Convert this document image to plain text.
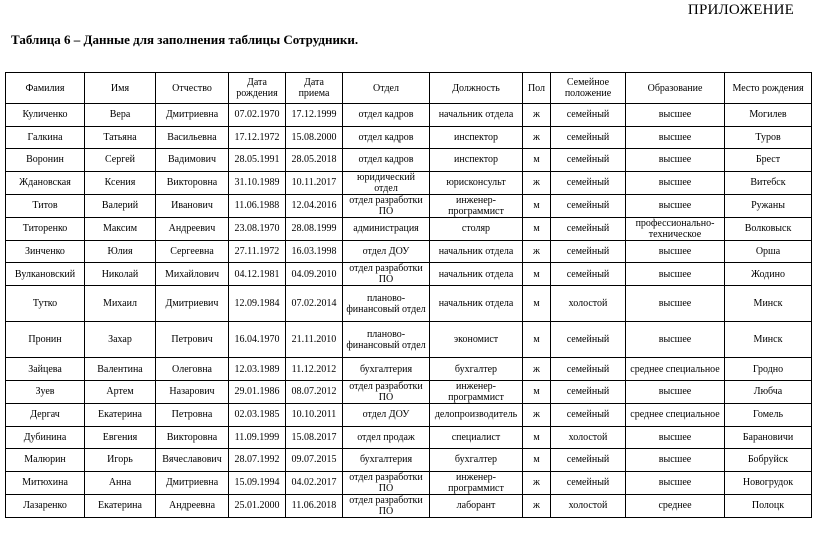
ПРИЛОЖЕНИЕ
Таблица 6 – Данные для заполнения таблицы Сотрудники.
Фамилия	Имя	Отчество	Дата рождения	Дата приема	Отдел	Должность	Пол	Семейное положение	Образование	Место рождения
Куличенко	Вера	Дмитриевна	07.02.1970	17.12.1999	отдел кадров	начальник отдела	ж	семейный	высшее	Могилев
Галкина	Татьяна	Васильевна	17.12.1972	15.08.2000	отдел кадров	инспектор	ж	семейный	высшее	Туров
Воронин	Сергей	Вадимович	28.05.1991	28.05.2018	отдел кадров	инспектор	м	семейный	высшее	Брест
Ждановская	Ксения	Викторовна	31.10.1989	10.11.2017	юридический отдел	юрисконсульт	ж	семейный	высшее	Витебск
Титов	Валерий	Иванович	11.06.1988	12.04.2016	отдел разработки ПО	инженер-программист	м	семейный	высшее	Ружаны
Титоренко	Максим	Андреевич	23.08.1970	28.08.1999	администрация	столяр	м	семейный	профессионально-техническое	Волковыск
Зинченко	Юлия	Сергеевна	27.11.1972	16.03.1998	отдел ДОУ	начальник отдела	ж	семейный	высшее	Орша
Вулкановский	Николай	Михайлович	04.12.1981	04.09.2010	отдел разработки ПО	начальник отдела	м	семейный	высшее	Жодино
Тутко	Михаил	Дмитриевич	12.09.1984	07.02.2014	планово-финансовый отдел	начальник отдела	м	холостой	высшее	Минск
Пронин	Захар	Петрович	16.04.1970	21.11.2010	планово-финансовый отдел	экономист	м	семейный	высшее	Минск
Зайцева	Валентина	Олеговна	12.03.1989	11.12.2012	бухгалтерия	бухгалтер	ж	семейный	среднее специальное	Гродно
Зуев	Артем	Назарович	29.01.1986	08.07.2012	отдел разработки ПО	инженер-программист	м	семейный	высшее	Любча
Дергач	Екатерина	Петровна	02.03.1985	10.10.2011	отдел ДОУ	делопроизводитель	ж	семейный	среднее специальное	Гомель
Дубинина	Евгения	Викторовна	11.09.1999	15.08.2017	отдел продаж	специалист	м	холостой	высшее	Барановичи
Малюрин	Игорь	Вячеславович	28.07.1992	09.07.2015	бухгалтерия	бухгалтер	м	семейный	высшее	Бобруйск
Митюхина	Анна	Дмитриевна	15.09.1994	04.02.2017	отдел разработки ПО	инженер-программист	ж	семейный	высшее	Новогрудок
Лазаренко	Екатерина	Андреевна	25.01.2000	11.06.2018	отдел разработки ПО	лаборант	ж	холостой	среднее	Полоцк
